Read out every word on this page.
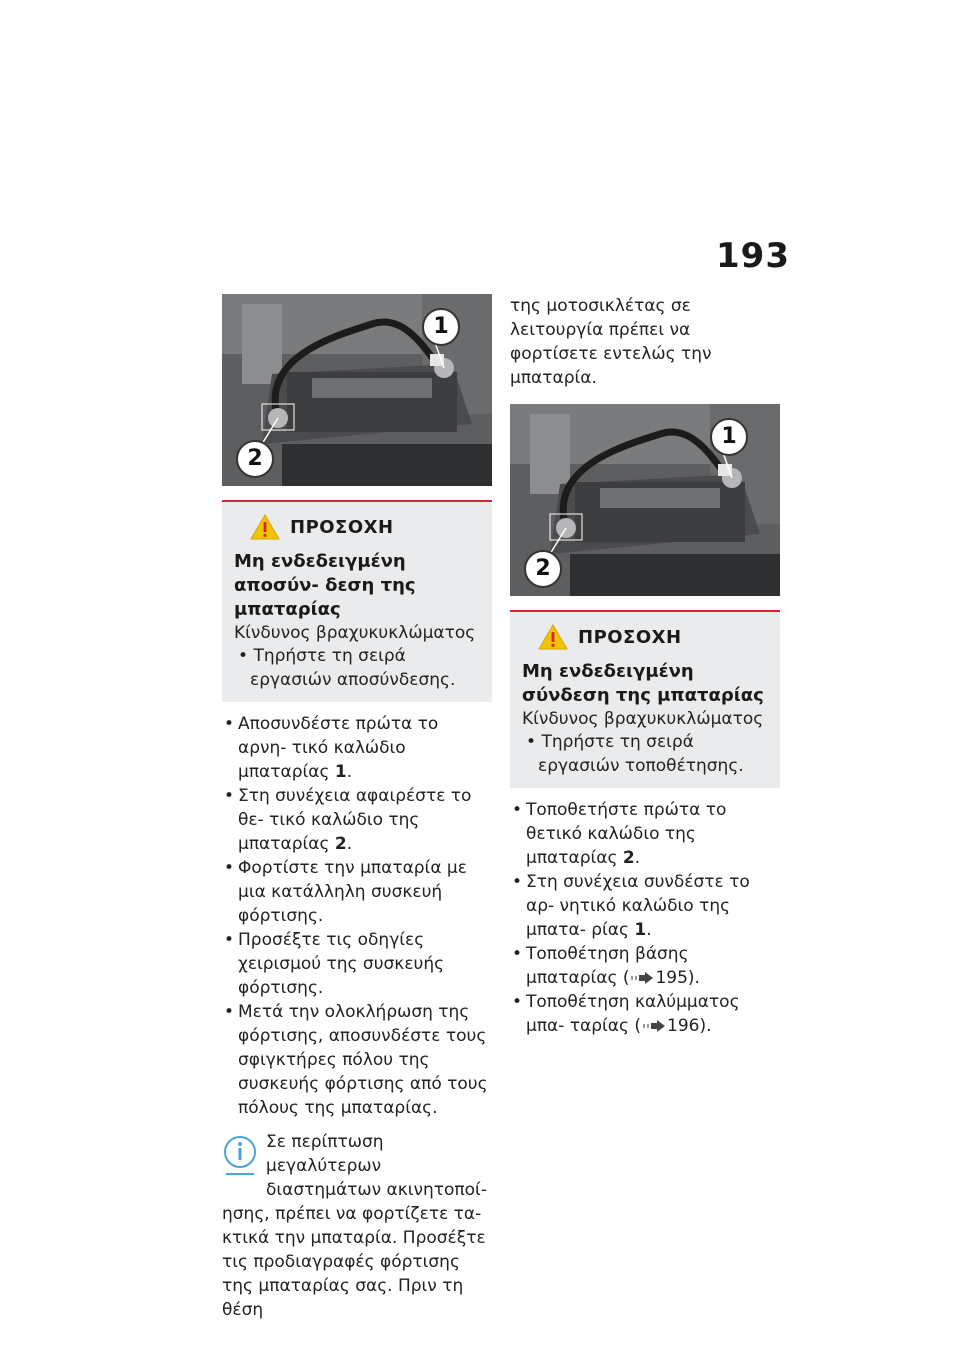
193
1
2
ΠΡΟΣΟΧΗ
Μη ενδεδειγμένη αποσύν- δεση της μπαταρίας
Κίνδυνος βραχυκυκλώματος
• Τηρήστε τη σειρά εργασιών αποσύνδεσης.
• Αποσυνδέστε πρώτα το αρνη- τικό καλώδιο μπαταρίας 1.
• Στη συνέχεια αφαιρέστε το θε- τικό καλώδιο της μπαταρίας 2.
• Φορτίστε την μπαταρία με μια κατάλληλη συσκευή φόρτισης.
• Προσέξτε τις οδηγίες χειρισμού της συσκευής φόρτισης.
• Μετά την ολοκλήρωση της φόρτισης, αποσυνδέστε τους σφιγκτήρες πόλου της συσκευής φόρτισης από τους πόλους της μπαταρίας.
Σε περίπτωση μεγαλύτερων διαστημάτων ακινητοποί- ησης, πρέπει να φορτίζετε τα- κτικά την μπαταρία. Προσέξτε τις προδιαγραφές φόρτισης της μπαταρίας σας. Πριν τη θέση
της μοτοσικλέτας σε λειτουργία πρέπει να φορτίσετε εντελώς την μπαταρία.
1
2
ΠΡΟΣΟΧΗ
Μη ενδεδειγμένη σύνδεση της μπαταρίας
Κίνδυνος βραχυκυκλώματος
• Τηρήστε τη σειρά εργασιών τοποθέτησης.
• Τοποθετήστε πρώτα το θετικό καλώδιο της μπαταρίας 2.
• Στη συνέχεια συνδέστε το αρ- νητικό καλώδιο της μπατα- ρίας 1.
• Τοποθέτηση βάσης μπαταρίας ( 195).
• Τοποθέτηση καλύμματος μπα- ταρίας ( 196).
